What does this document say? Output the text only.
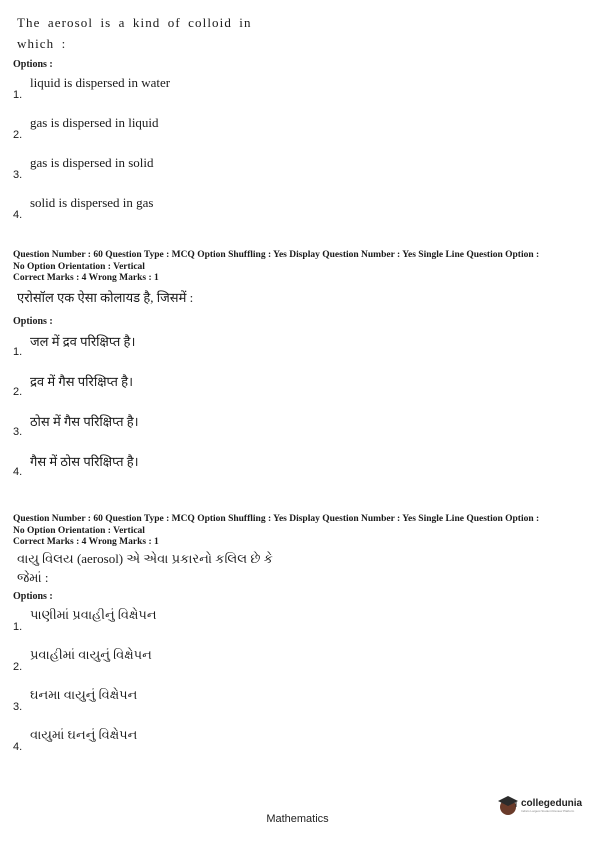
The aerosol is a kind of colloid in
which :
Options :
1.
liquid is dispersed in water
2.
gas is dispersed in liquid
3.
gas is dispersed in solid
4.
solid is dispersed in gas
Question Number : 60 Question Type : MCQ Option Shuffling : Yes Display Question Number : Yes Single Line Question Option :
No Option Orientation : Vertical
Correct Marks : 4 Wrong Marks : 1
एरोसॉल एक ऐसा कोलायड है, जिसमें :
Options :
1.
जल में द्रव परिक्षिप्त है।
2.
द्रव में गैस परिक्षिप्त है।
3.
ठोस में गैस परिक्षिप्त है।
4.
गैस में ठोस परिक्षिप्त है।
Question Number : 60 Question Type : MCQ Option Shuffling : Yes Display Question Number : Yes Single Line Question Option :
No Option Orientation : Vertical
Correct Marks : 4 Wrong Marks : 1
વાયુ વિલય (aerosol) એ એવા પ્રકારનો કલિલ છે કે
જેમાં :
Options :
1.
પાણીમાં પ્રવાહીનું વિક્ષેપન
2.
પ્રવાહીમાં વાયુનું વિક્ષેપન
3.
ઘનમા વાયુનું વિક્ષેપન
4.
વાયુમાં ઘનનું વિક્ષેપન
collegedunia
India's Largest Student Review Platform
Mathematics
